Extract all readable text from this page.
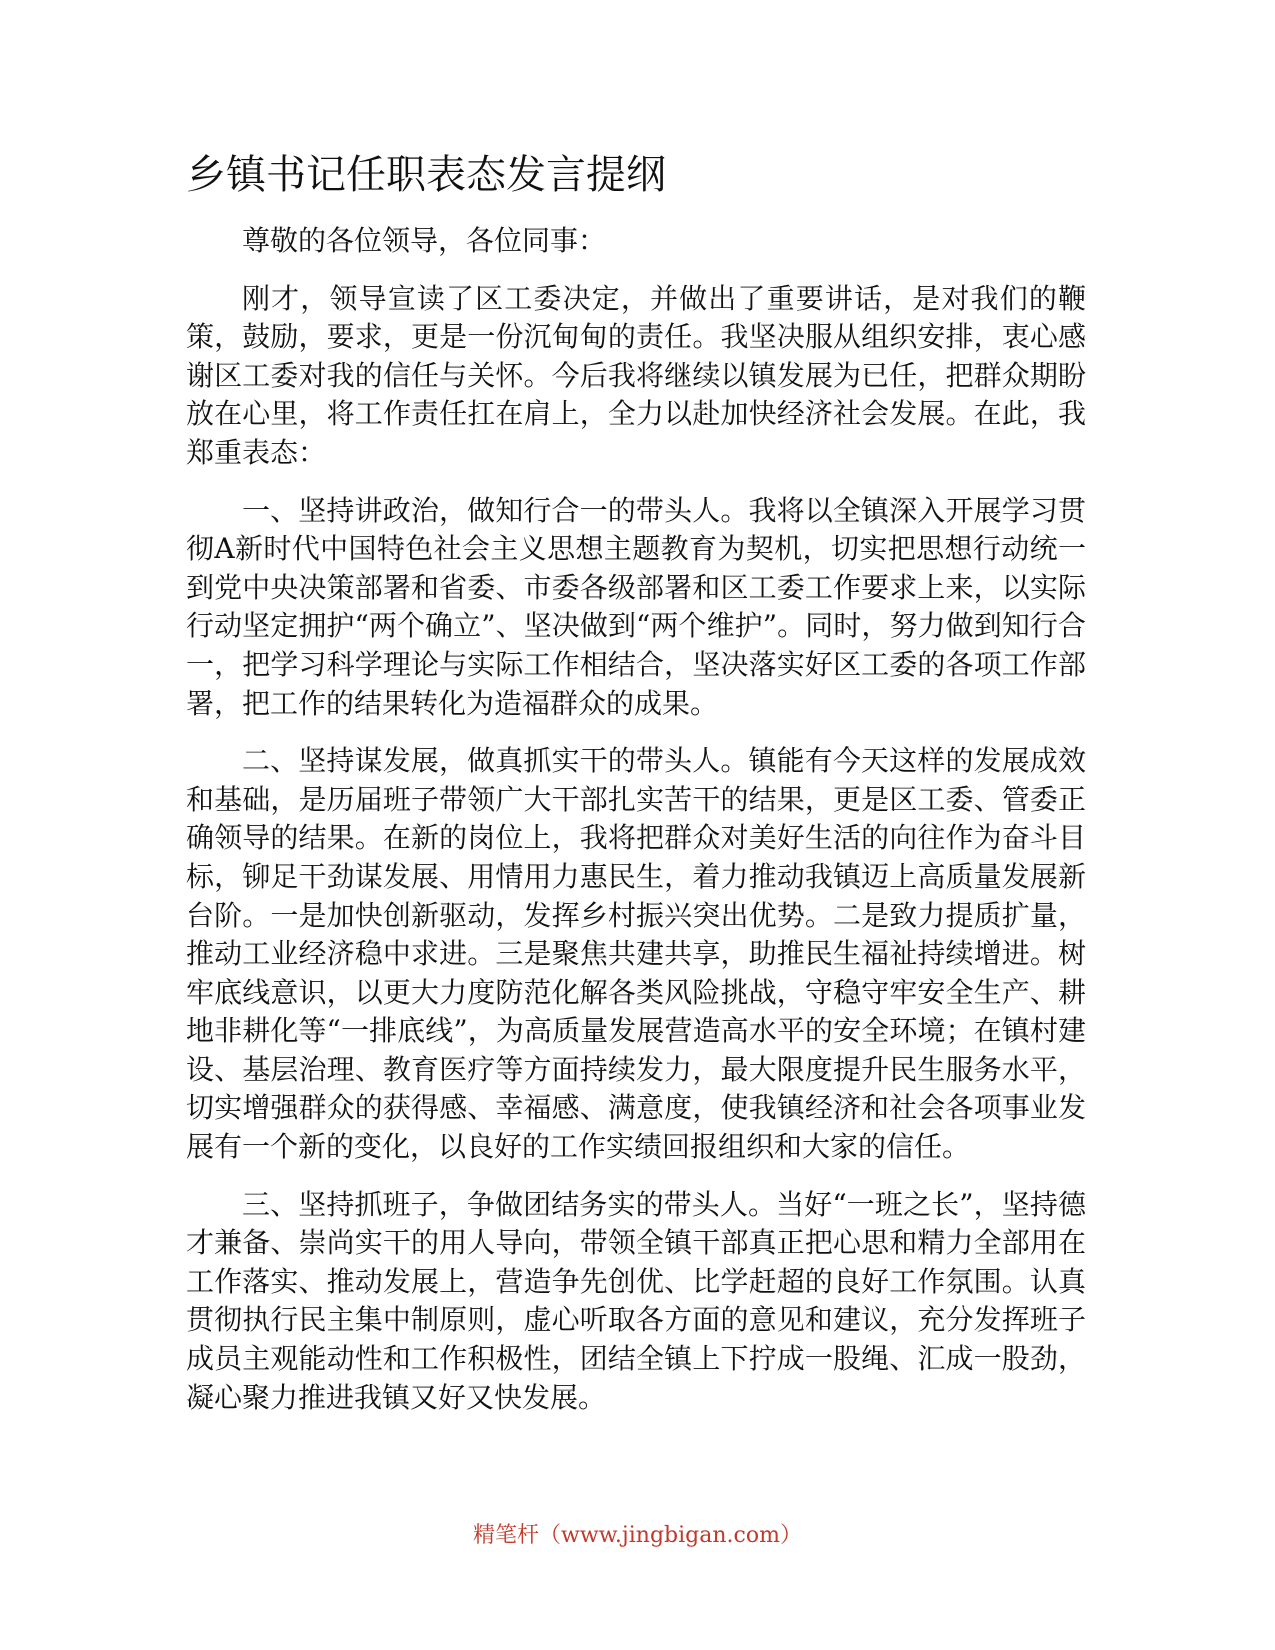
乡镇书记任职表态发言提纲

尊敬的各位领导，各位同事：

刚才，领导宣读了区工委决定，并做出了重要讲话，是对我们的鞭策，鼓励，要求，更是一份沉甸甸的责任。我坚决服从组织安排，衷心感谢区工委对我的信任与关怀。今后我将继续以镇发展为已任，把群众期盼放在心里，将工作责任扛在肩上，全力以赴加快经济社会发展。在此，我郑重表态：

一、坚持讲政治，做知行合一的带头人。我将以全镇深入开展学习贯彻A新时代中国特色社会主义思想主题教育为契机，切实把思想行动统一到党中央决策部署和省委、市委各级部署和区工委工作要求上来，以实际行动坚定拥护“两个确立”、坚决做到“两个维护”。同时，努力做到知行合一，把学习科学理论与实际工作相结合，坚决落实好区工委的各项工作部署，把工作的结果转化为造福群众的成果。

二、坚持谋发展，做真抓实干的带头人。镇能有今天这样的发展成效和基础，是历届班子带领广大干部扎实苦干的结果，更是区工委、管委正确领导的结果。在新的岗位上，我将把群众对美好生活的向往作为奋斗目标，铆足干劲谋发展、用情用力惠民生，着力推动我镇迈上高质量发展新台阶。一是加快创新驱动，发挥乡村振兴突出优势。二是致力提质扩量，推动工业经济稳中求进。三是聚焦共建共享，助推民生福祉持续增进。树牢底线意识，以更大力度防范化解各类风险挑战，守稳守牢安全生产、耕地非耕化等“一排底线”，为高质量发展营造高水平的安全环境；在镇村建设、基层治理、教育医疗等方面持续发力，最大限度提升民生服务水平，切实增强群众的获得感、幸福感、满意度，使我镇经济和社会各项事业发展有一个新的变化，以良好的工作实绩回报组织和大家的信任。

三、坚持抓班子，争做团结务实的带头人。当好“一班之长”，坚持德才兼备、崇尚实干的用人导向，带领全镇干部真正把心思和精力全部用在工作落实、推动发展上，营造争先创优、比学赶超的良好工作氛围。认真贯彻执行民主集中制原则，虚心听取各方面的意见和建议，充分发挥班子成员主观能动性和工作积极性，团结全镇上下拧成一股绳、汇成一股劲，凝心聚力推进我镇又好又快发展。

精笔杆（www.jingbigan.com）
